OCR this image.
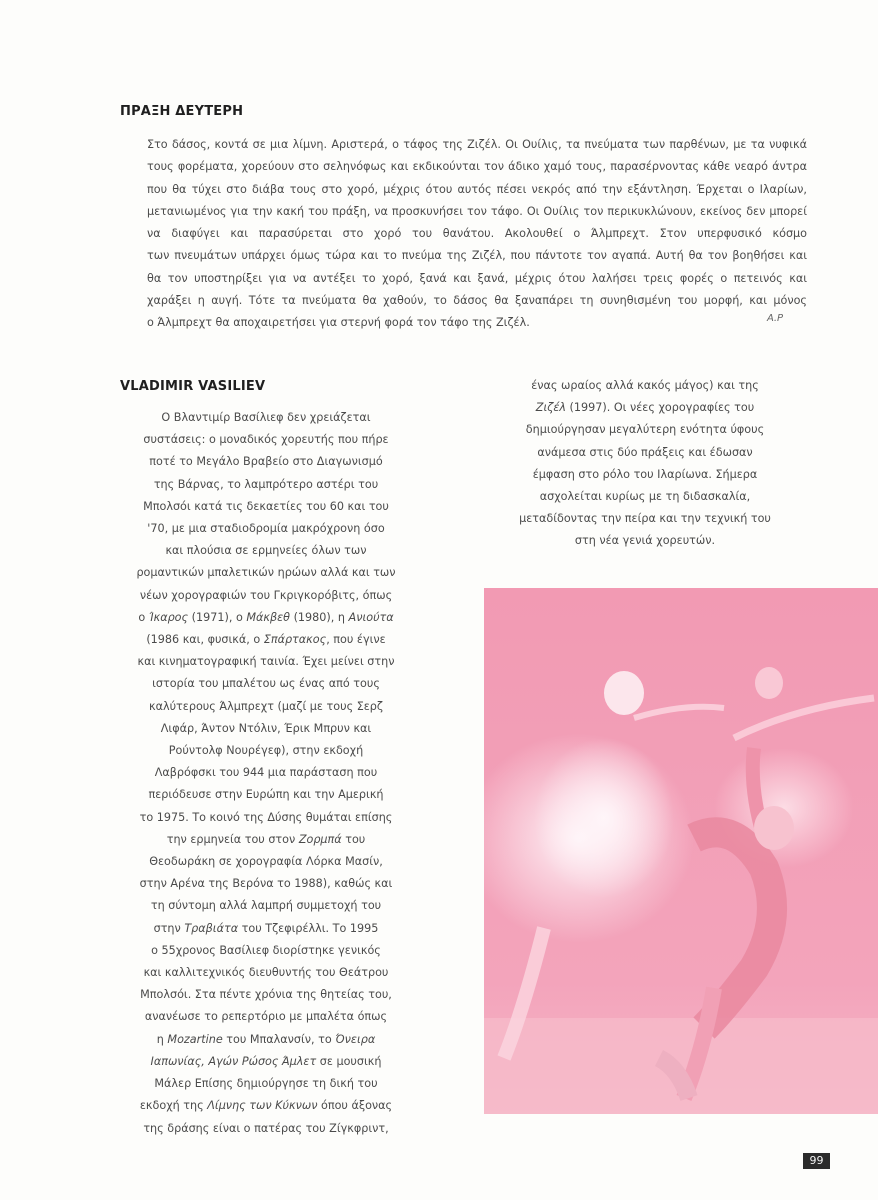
ΠΡΑΞΗ ΔΕΥΤΕΡΗ
Στο δάσος, κοντά σε μια λίμνη. Αριστερά, ο τάφος της Ζιζέλ. Οι Ουίλις, τα πνεύματα των παρθένων, με τα νυφικά
τους φορέματα, χορεύουν στο σεληνόφως και εκδικούνται τον άδικο χαμό τους, παρασέρνοντας κάθε νεαρό άντρα
που θα τύχει στο διάβα τους στο χορό, μέχρις ότου αυτός πέσει νεκρός από την εξάντληση. Έρχεται ο Ιλαρίων,
μετανιωμένος για την κακή του πράξη, να προσκυνήσει τον τάφο. Οι Ουίλις τον περικυκλώνουν, εκείνος δεν μπορεί
να διαφύγει και παρασύρεται στο χορό του θανάτου. Ακολουθεί ο Άλμπρεχτ. Στον υπερφυσικό κόσμο
των πνευμάτων υπάρχει όμως τώρα και το πνεύμα της Ζιζέλ, που πάντοτε τον αγαπά. Αυτή θα τον βοηθήσει και
θα τον υποστηρίξει για να αντέξει το χορό, ξανά και ξανά, μέχρις ότου λαλήσει τρεις φορές ο πετεινός και
χαράξει η αυγή. Τότε τα πνεύματα θα χαθούν, το δάσος θα ξαναπάρει τη συνηθισμένη του μορφή, και μόνος
ο Άλμπρεχτ θα αποχαιρετήσει για στερνή φορά τον τάφο της Ζιζέλ.	Α.Ρ
VLADIMIR VASILIEV
Ο Βλαντιμίρ Βασίλιεφ δεν χρειάζεται
συστάσεις: ο μοναδικός χορευτής που πήρε
ποτέ το Μεγάλο Βραβείο στο Διαγωνισμό
της Βάρνας, το λαμπρότερο αστέρι του
Μπολσόι κατά τις δεκαετίες του 60 και του
'70, με μια σταδιοδρομία μακρόχρονη όσο
και πλούσια σε ερμηνείες όλων των
ρομαντικών μπαλετικών ηρώων αλλά και των
νέων χορογραφιών του Γκριγκορόβιτς, όπως
ο Ίκαρος (1971), ο Μάκβεθ (1980), η Ανιούτα
(1986 και, φυσικά, ο Σπάρτακος, που έγινε
και κινηματογραφική ταινία. Έχει μείνει στην
ιστορία του μπαλέτου ως ένας από τους
καλύτερους Άλμπρεχτ (μαζί με τους Σερζ
Λιφάρ, Άντον Ντόλιν, Έρικ Μπρυν και
Ρούντολφ Νουρέγεφ), στην εκδοχή
Λαβρόφσκι του 944 μια παράσταση που
περιόδευσε στην Ευρώπη και την Αμερική
το 1975. Το κοινό της Δύσης θυμάται επίσης
την ερμηνεία του στον Ζορμπά του
Θεοδωράκη σε χορογραφία Λόρκα Μασίν,
στην Αρένα της Βερόνα το 1988), καθώς και
τη σύντομη αλλά λαμπρή συμμετοχή του
στην Τραβιάτα του Τζεφιρέλλι. Το 1995
ο 55χρονος Βασίλιεφ διορίστηκε γενικός
και καλλιτεχνικός διευθυντής του Θεάτρου
Μπολσόι. Στα πέντε χρόνια της θητείας του,
ανανέωσε το ρεπερτόριο με μπαλέτα όπως
η Mozartine του Μπαλανσίν, το Όνειρα
Ιαπωνίας, Αγών Ρώσος Άμλετ σε μουσική
Μάλερ Επίσης δημιούργησε τη δική του
εκδοχή της Λίμνης των Κύκνων όπου άξονας
της δράσης είναι ο πατέρας του Ζίγκφριντ,
ένας ωραίος αλλά κακός μάγος) και της
Ζιζέλ (1997). Οι νέες χορογραφίες του
δημιούργησαν μεγαλύτερη ενότητα ύφους
ανάμεσα στις δύο πράξεις και έδωσαν
έμφαση στο ρόλο του Ιλαρίωνα. Σήμερα
ασχολείται κυρίως με τη διδασκαλία,
μεταδίδοντας την πείρα και την τεχνική του
στη νέα γενιά χορευτών.
99
